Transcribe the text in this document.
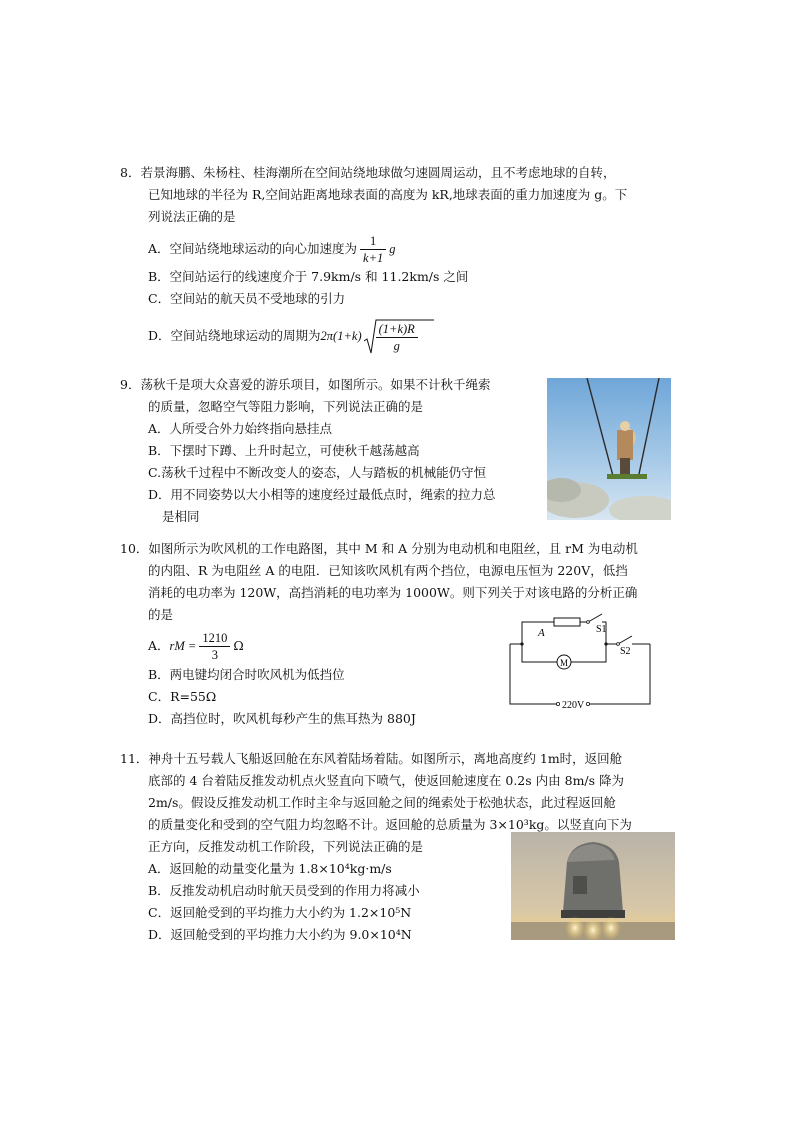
8．若景海鹏、朱杨柱、桂海潮所在空间站绕地球做匀速圆周运动，且不考虑地球的自转，
已知地球的半径为 R,空间站距离地球表面的高度为 kR,地球表面的重力加速度为 g。下
列说法正确的是
A．空间站绕地球运动的向心加速度为 $\frac{1}{k+1}$ g
B．空间站运行的线速度介于 7.9km/s 和 11.2km/s 之间
C．空间站的航天员不受地球的引力
D．空间站绕地球运动的周期为$2\pi(1+k) \frac{(1+k)R}{g}$
9．荡秋千是项大众喜爱的游乐项目，如图所示。如果不计秋千绳索
的质量，忽略空气等阻力影响，下列说法正确的是
A．人所受合外力始终指向悬挂点
B．下摆时下蹲、上升时起立，可使秋千越荡越高
C.荡秋千过程中不断改变人的姿态，人与踏板的机械能仍守恒
D．用不同姿势以大小相等的速度经过最低点时，绳索的拉力总
是相同
10．如图所示为吹风机的工作电路图，其中 M 和 A 分别为电动机和电阻丝，且 rM 为电动机
的内阻、R 为电阻丝 A 的电阻．已知该吹风机有两个挡位，电源电压恒为 220V，低挡
消耗的电功率为 120W，高挡消耗的电功率为 1000W。则下列关于对该电路的分析正确
的是
A．rM = $\frac{1210}{3}$ Ω
B．两电键均闭合时吹风机为低挡位
C．R=55Ω
D．高挡位时，吹风机每秒产生的焦耳热为 880J
A	S1
S2
M
220V
11．神舟十五号载人飞船返回舱在东风着陆场着陆。如图所示，离地高度约 1m时，返回舱
底部的 4 台着陆反推发动机点火竖直向下喷气，使返回舱速度在 0.2s 内由 8m/s 降为
2m/s。假设反推发动机工作时主伞与返回舱之间的绳索处于松弛状态，此过程返回舱
的质量变化和受到的空气阻力均忽略不计。返回舱的总质量为 3×10³kg。以竖直向下为
正方向，反推发动机工作阶段，下列说法正确的是
A．返回舱的动量变化量为 1.8×10⁴kg·m/s
B．反推发动机启动时航天员受到的作用力将减小
C．返回舱受到的平均推力大小约为 1.2×10⁵N
D．返回舱受到的平均推力大小约为 9.0×10⁴N
